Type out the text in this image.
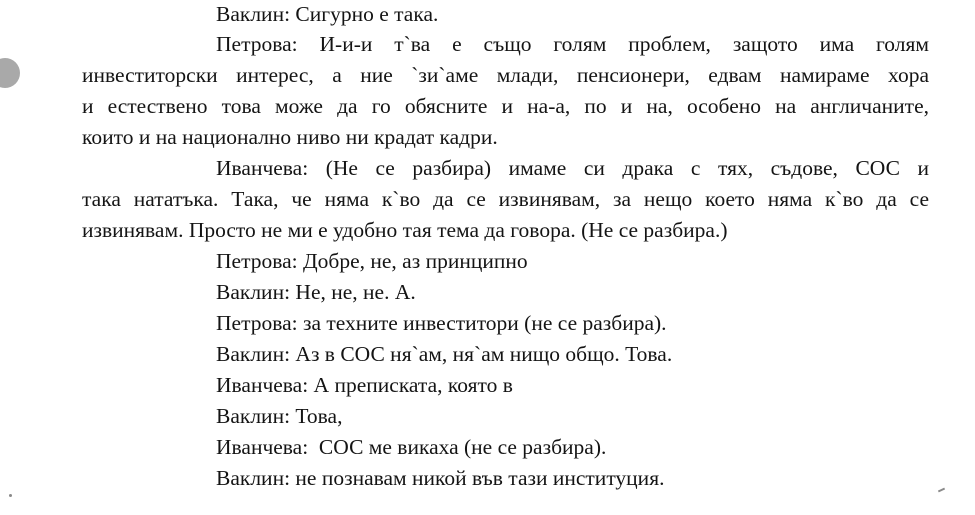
Ваклин: Сигурно е така.
Петрова: И-и-и т`ва е също голям проблем, защото има голям
инвеститорски интерес, а ние `зи`аме млади, пенсионери, едвам намираме хора
и естествено това може да го обясните и на-а, по и на, особено на англичаните,
които и на национално ниво ни крадат кадри.
Иванчева: (Не се разбира) имаме си драка с тях, съдове, СОС и
така нататъка. Така, че няма к`во да се извинявам, за нещо което няма к`во да се
извинявам. Просто не ми е удобно тая тема да говора. (Не се разбира.)
Петрова: Добре, не, аз принципно
Ваклин: Не, не, не. А.
Петрова: за техните инвеститори (не се разбира).
Ваклин: Аз в СОС ня`ам, ня`ам нищо общо. Това.
Иванчева: А преписката, която в
Ваклин: Това,
Иванчева:  СОС ме викаха (не се разбира).
Ваклин: не познавам никой във тази институция.
